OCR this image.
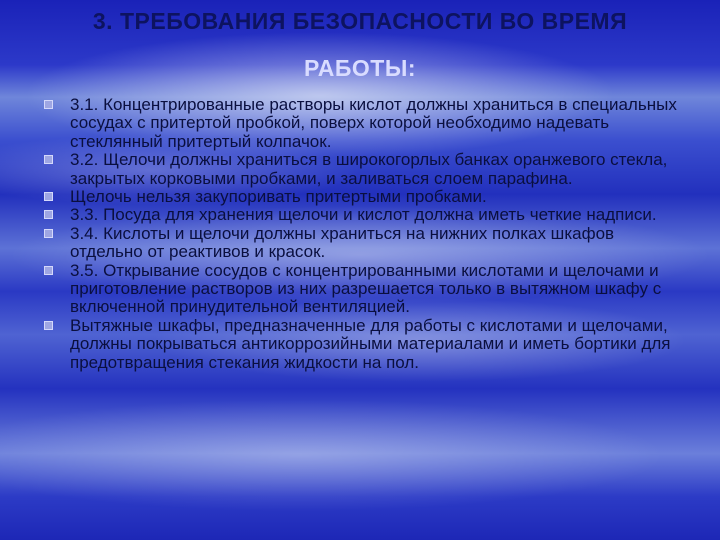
3. ТРЕБОВАНИЯ БЕЗОПАСНОСТИ ВО ВРЕМЯ
РАБОТЫ:
3.1. Концентрированные растворы кислот должны храниться в специальных сосудах с притертой пробкой, поверх которой необходимо надевать стеклянный притертый колпачок.
3.2. Щелочи должны храниться в широкогорлых банках оранжевого стекла, закрытых корковыми пробками, и заливаться слоем парафина.
Щелочь нельзя закупоривать притертыми пробками.
3.3. Посуда для хранения щелочи и кислот должна иметь четкие надписи.
3.4. Кислоты и щелочи должны храниться на нижних полках шкафов отдельно от реактивов и красок.
3.5. Открывание сосудов с концентрированными кислотами и щелочами и приготовление растворов из них разрешается только в вытяжном шкафу с включенной принудительной вентиляцией.
Вытяжные шкафы, предназначенные для работы с кислотами и щелочами, должны покрываться антикоррозийными материалами и иметь бортики для предотвращения стекания жидкости на пол.
